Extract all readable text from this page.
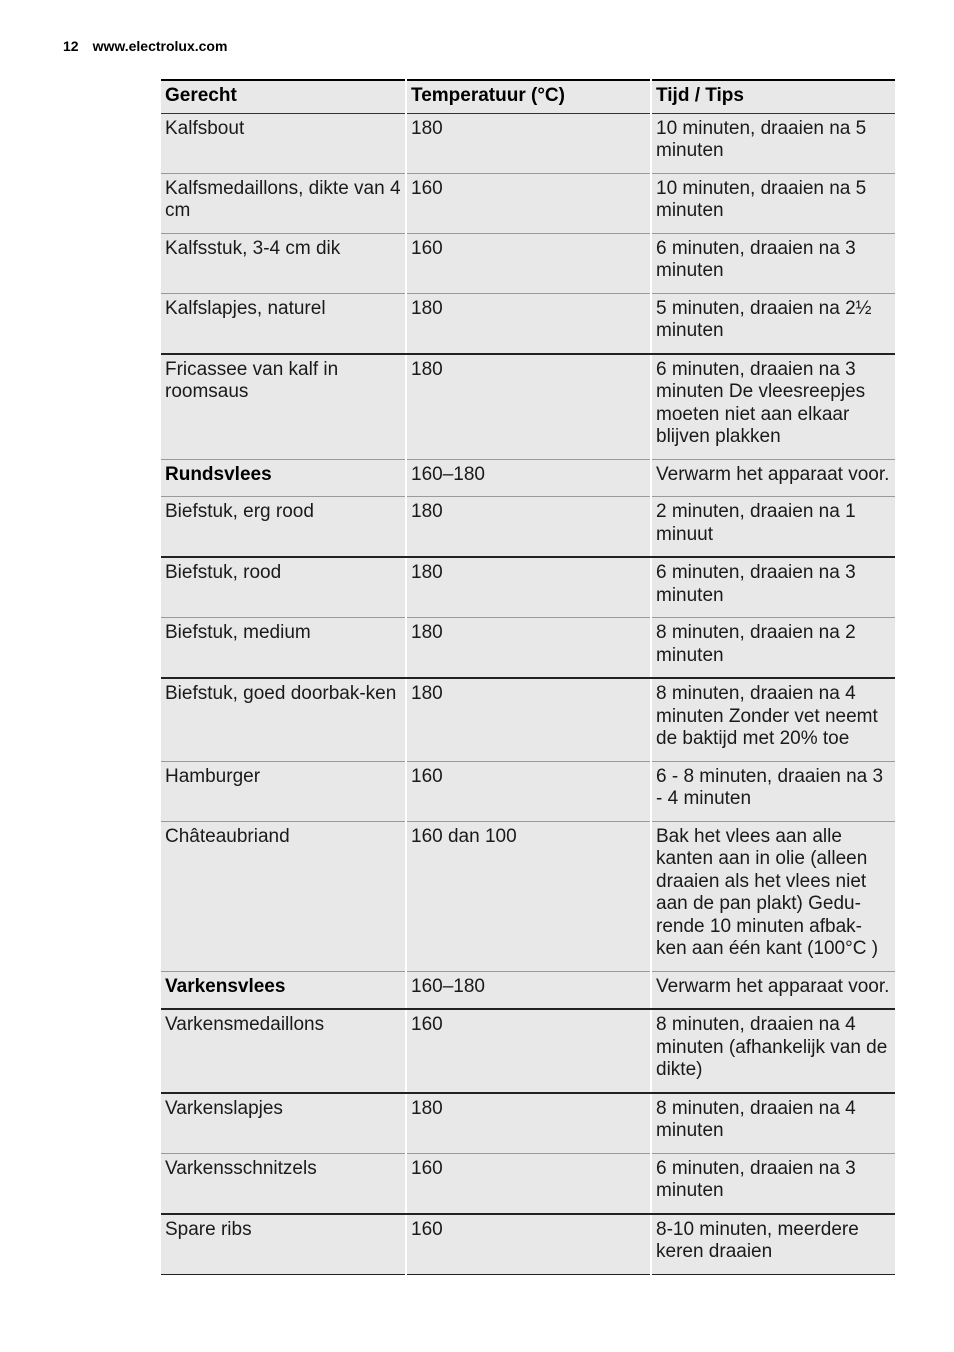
12 www.electrolux.com
Gerecht	Temperatuur (°C)	Tijd / Tips
Kalfsbout	180	10 minuten, draaien na 5 minuten
Kalfsmedaillons, dikte van 4 cm	160	10 minuten, draaien na 5 minuten
Kalfsstuk, 3-4 cm dik	160	6 minuten, draaien na 3 minuten
Kalfslapjes, naturel	180	5 minuten, draaien na 2½ minuten
Fricassee van kalf in roomsaus	180	6 minuten, draaien na 3 minuten De vleesreepjes moeten niet aan elkaar blijven plakken
Rundsvlees	160–180	Verwarm het apparaat voor.
Biefstuk, erg rood	180	2 minuten, draaien na 1 minuut
Biefstuk, rood	180	6 minuten, draaien na 3 minuten
Biefstuk, medium	180	8 minuten, draaien na 2 minuten
Biefstuk, goed doorbak-ken	180	8 minuten, draaien na 4 minuten Zonder vet neemt de baktijd met 20% toe
Hamburger	160	6 - 8 minuten, draaien na 3 - 4 minuten
Châteaubriand	160 dan 100	Bak het vlees aan alle kanten aan in olie (alleen draaien als het vlees niet aan de pan plakt) Gedu-rende 10 minuten afbak-ken aan één kant (100°C )
Varkensvlees	160–180	Verwarm het apparaat voor.
Varkensmedaillons	160	8 minuten, draaien na 4 minuten (afhankelijk van de dikte)
Varkenslapjes	180	8 minuten, draaien na 4 minuten
Varkensschnitzels	160	6 minuten, draaien na 3 minuten
Spare ribs	160	8-10 minuten, meerdere keren draaien
